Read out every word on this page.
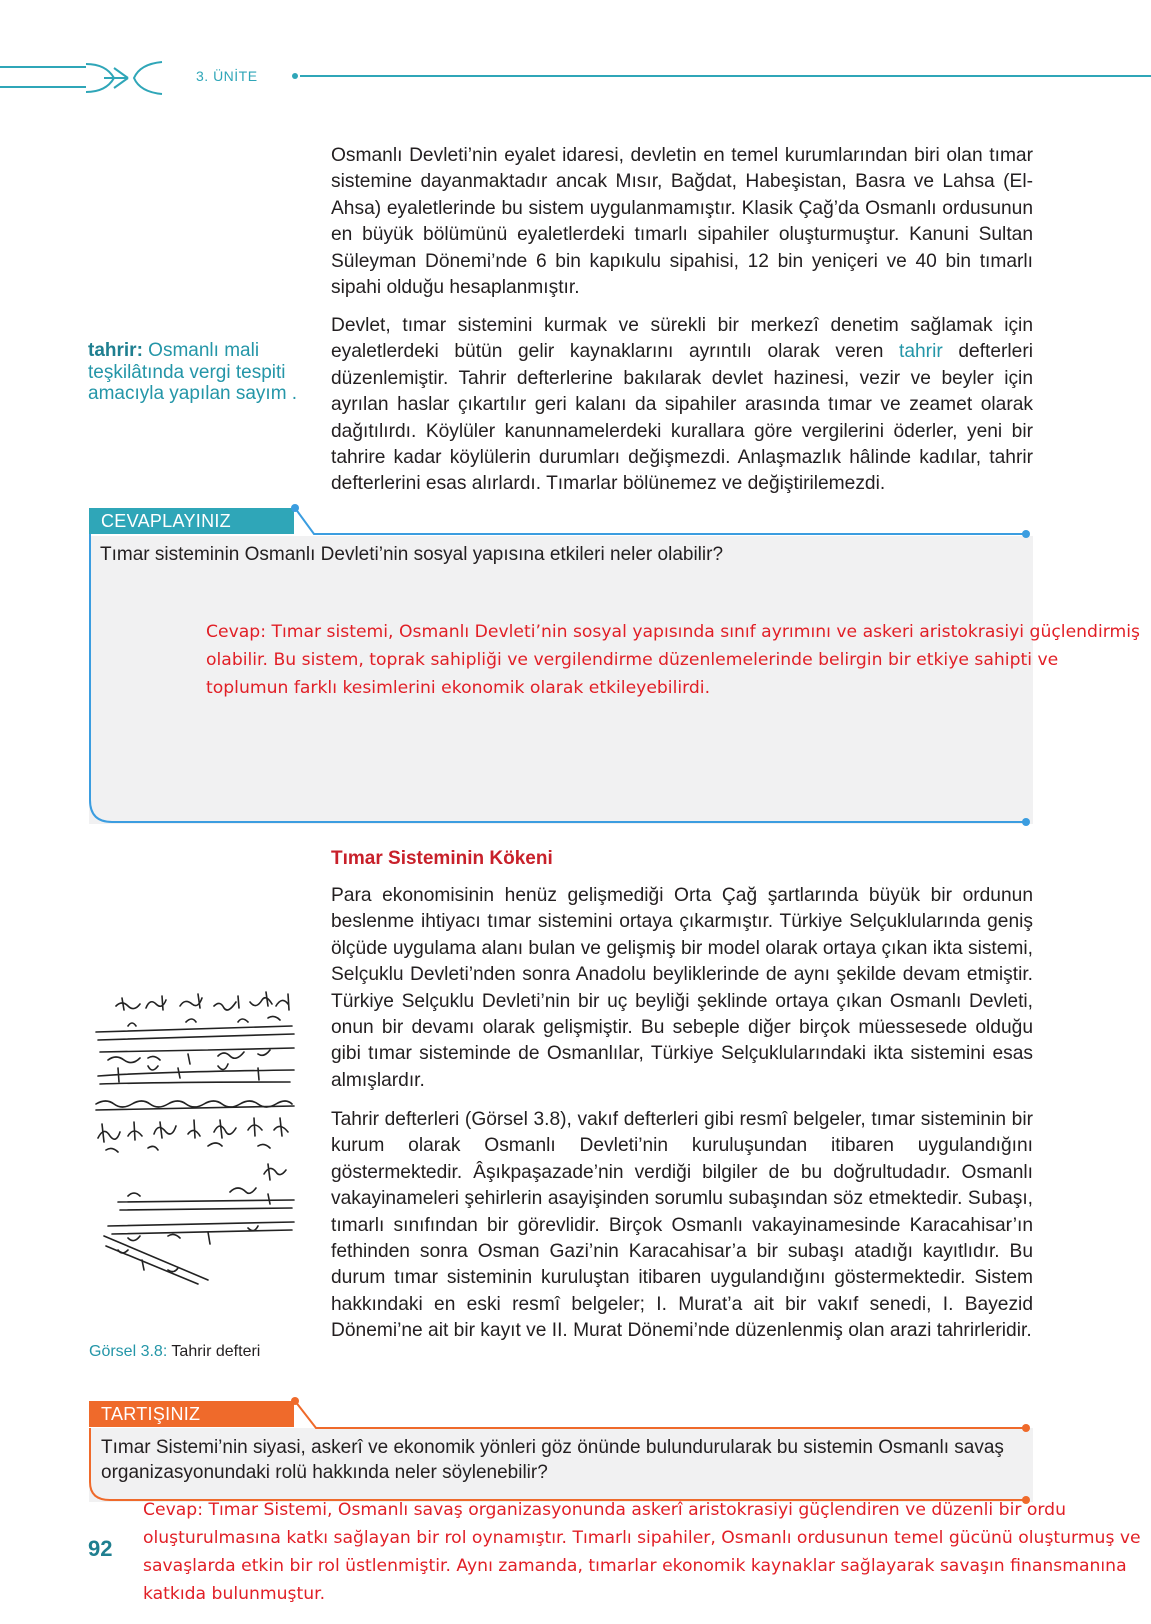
3. ÜNİTE

Osmanlı Devleti’nin eyalet idaresi, devletin en temel kurumlarından biri olan tımar sistemine dayanmaktadır ancak Mısır, Bağdat, Habeşistan, Basra ve Lahsa (El-Ahsa) eyaletlerinde bu sistem uygulanmamıştır. Klasik Çağ’da Osmanlı ordusunun en büyük bölümünü eyaletlerdeki tımarlı sipahiler oluşturmuştur. Kanuni Sultan Süleyman Dönemi’nde 6 bin kapıkulu sipahisi, 12 bin yeniçeri ve 40 bin tımarlı sipahi olduğu hesaplanmıştır.

Devlet, tımar sistemini kurmak ve sürekli bir merkezî denetim sağlamak için eyaletlerdeki bütün gelir kaynaklarını ayrıntılı olarak veren tahrir defterleri düzenlemiştir. Tahrir defterlerine bakılarak devlet hazinesi, vezir ve beyler için ayrılan haslar çıkartılır geri kalanı da sipahiler arasında tımar ve zeamet olarak dağıtılırdı. Köylüler kanunnamelerdeki kurallara göre vergilerini öderler, yeni bir tahrire kadar köylülerin durumları değişmezdi. Anlaşmazlık hâlinde kadılar, tahrir defterlerini esas alırlardı. Tımarlar bölünemez ve değiştirilemezdi.

tahrir: Osmanlı mali teşkilâtında vergi tespiti amacıyla yapılan sayım .
CEVAPLAYINIZ
Tımar sisteminin Osmanlı Devleti’nin sosyal yapısına etkileri neler olabilir?

Cevap: Tımar sistemi, Osmanlı Devleti’nin sosyal yapısında sınıf ayrımını ve askeri aristokrasiyi güçlendirmiş olabilir. Bu sistem, toprak sahipliği ve vergilendirme düzenlemelerinde belirgin bir etkiye sahipti ve toplumun farklı kesimlerini ekonomik olarak etkileyebilirdi.

Tımar Sisteminin Kökeni

Para ekonomisinin henüz gelişmediği Orta Çağ şartlarında büyük bir ordunun beslenme ihtiyacı tımar sistemini ortaya çıkarmıştır. Türkiye Selçuklularında geniş ölçüde uygulama alanı bulan ve gelişmiş bir model olarak ortaya çıkan ikta sistemi, Selçuklu Devleti’nden sonra Anadolu beyliklerinde de aynı şekilde devam etmiştir. Türkiye Selçuklu Devleti’nin bir uç beyliği şeklinde ortaya çıkan Osmanlı Devleti, onun bir devamı olarak gelişmiştir. Bu sebeple diğer birçok müessesede olduğu gibi tımar sisteminde de Osmanlılar, Türkiye Selçuklularındaki ikta sistemini esas almışlardır.

Tahrir defterleri (Görsel 3.8), vakıf defterleri gibi resmî belgeler, tımar sisteminin bir kurum olarak Osmanlı Devleti’nin kuruluşundan itibaren uygulandığını göstermektedir. Âşıkpaşazade’nin verdiği bilgiler de bu doğrultudadır. Osmanlı vakayinameleri şehirlerin asayişinden sorumlu subaşından söz etmektedir. Subaşı, tımarlı sınıfından bir görevlidir. Birçok Osmanlı vakayinamesinde Karacahisar’ın fethinden sonra Osman Gazi’nin Karacahisar’a bir subaşı atadığı kayıtlıdır. Bu durum tımar sisteminin kuruluştan itibaren uygulandığını göstermektedir. Sistem hakkındaki en eski resmî belgeler; I. Murat’a ait bir vakıf senedi, I. Bayezid Dönemi’ne ait bir kayıt ve II. Murat Dönemi’nde düzenlenmiş olan arazi tahrirleridir.

Görsel 3.8: Tahrir defteri
TARTIŞINIZ
Tımar Sistemi’nin siyasi, askerî ve ekonomik yönleri göz önünde bulundurularak bu sistemin Osmanlı savaş organizasyonundaki rolü hakkında neler söylenebilir?

Cevap: Tımar Sistemi, Osmanlı savaş organizasyonunda askerî aristokrasiyi güçlendiren ve düzenli bir ordu oluşturulmasına katkı sağlayan bir rol oynamıştır. Tımarlı sipahiler, Osmanlı ordusunun temel gücünü oluşturmuş ve savaşlarda etkin bir rol üstlenmiştir. Aynı zamanda, tımarlar ekonomik kaynaklar sağlayarak savaşın finansmanına katkıda bulunmuştur.

92
